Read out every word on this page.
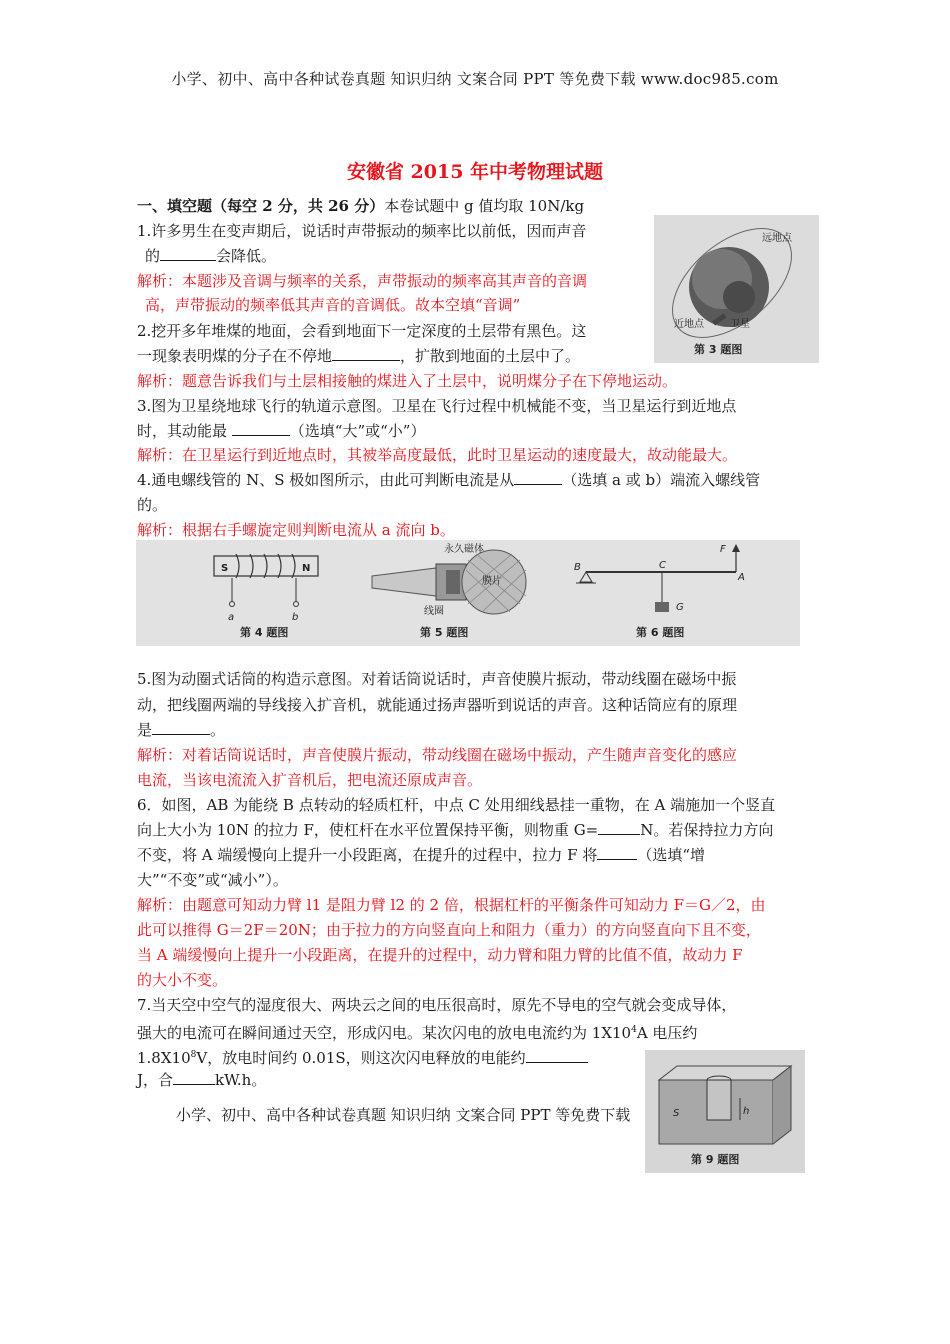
小学、初中、高中各种试卷真题 知识归纳 文案合同 PPT 等免费下载 www.doc985.com
安徽省 2015 年中考物理试题
一、填空题（每空 2 分，共 26 分）本卷试题中 g 值均取 10N/kg
1.许多男生在变声期后，说话时声带振动的频率比以前低，因而声音
的	会降低。
解析：本题涉及音调与频率的关系，声带振动的频率高其声音的音调
高，声带振动的频率低其声音的音调低。故本空填“音调”
2.挖开多年堆煤的地面，会看到地面下一定深度的土层带有黑色。这
一现象表明煤的分子在不停地	，扩散到地面的土层中了。
解析：题意告诉我们与土层相接触的煤进入了土层中，说明煤分子在下停地运动。
3.图为卫星绕地球飞行的轨道示意图。卫星在飞行过程中机械能不变，当卫星运行到近地点
时，其动能最	（选填“大”或“小”）
解析：在卫星运行到近地点时，其被举高度最低，此时卫星运动的速度最大，故动能最大。
4.通电螺线管的 N、S 极如图所示，由此可判断电流是从	（选填 a 或 b）端流入螺线管
的。
解析：根据右手螺旋定则判断电流从 a 流向 b。
5.图为动圈式话筒的构造示意图。对着话筒说话时，声音使膜片振动，带动线圈在磁场中振
动，把线圈两端的导线接入扩音机，就能通过扬声器听到说话的声音。这种话筒应有的原理
是	。
解析：对着话筒说话时，声音使膜片振动，带动线圈在磁场中振动，产生随声音变化的感应
电流，当该电流流入扩音机后，把电流还原成声音。
6．如图，AB 为能绕 B 点转动的轻质杠杆，中点 C 处用细线悬挂一重物，在 A 端施加一个竖直
向上大小为 10N 的拉力 F，使杠杆在水平位置保持平衡，则物重 G=	N。若保持拉力方向
不变，将 A 端缓慢向上提升一小段距离，在提升的过程中，拉力 F 将	（选填“增
大”“不变”或“减小”）。
解析：由题意可知动力臂 l1 是阻力臂 l2 的 2 倍，根据杠杆的平衡条件可知动力 F＝G／2，由
此可以推得 G＝2F＝20N；由于拉力的方向竖直向上和阻力（重力）的方向竖直向下且不变，
当 A 端缓慢向上提升一小段距离，在提升的过程中，动力臂和阻力臂的比值不值，故动力 F
的大小不变。
7.当天空中空气的湿度很大、两块云之间的电压很高时，原先不导电的空气就会变成导体，
强大的电流可在瞬间通过天空，形成闪电。某次闪电的放电电流约为 $1X10^4A$ 电压约
$1.8X10^8V$，放电时间约 0.01S，则这次闪电释放的电能约
J，合	kW.h。
小学、初中、高中各种试卷真题 知识归纳 文案合同 PPT 等免费下载
远地点
近地点	卫星
第 3 题图
S	N
a	b
第 4 题图
永久磁体
膜片
线圈
第 5 题图
B	C
A
F
G
第 6 题图
h
S
第 9 题图
